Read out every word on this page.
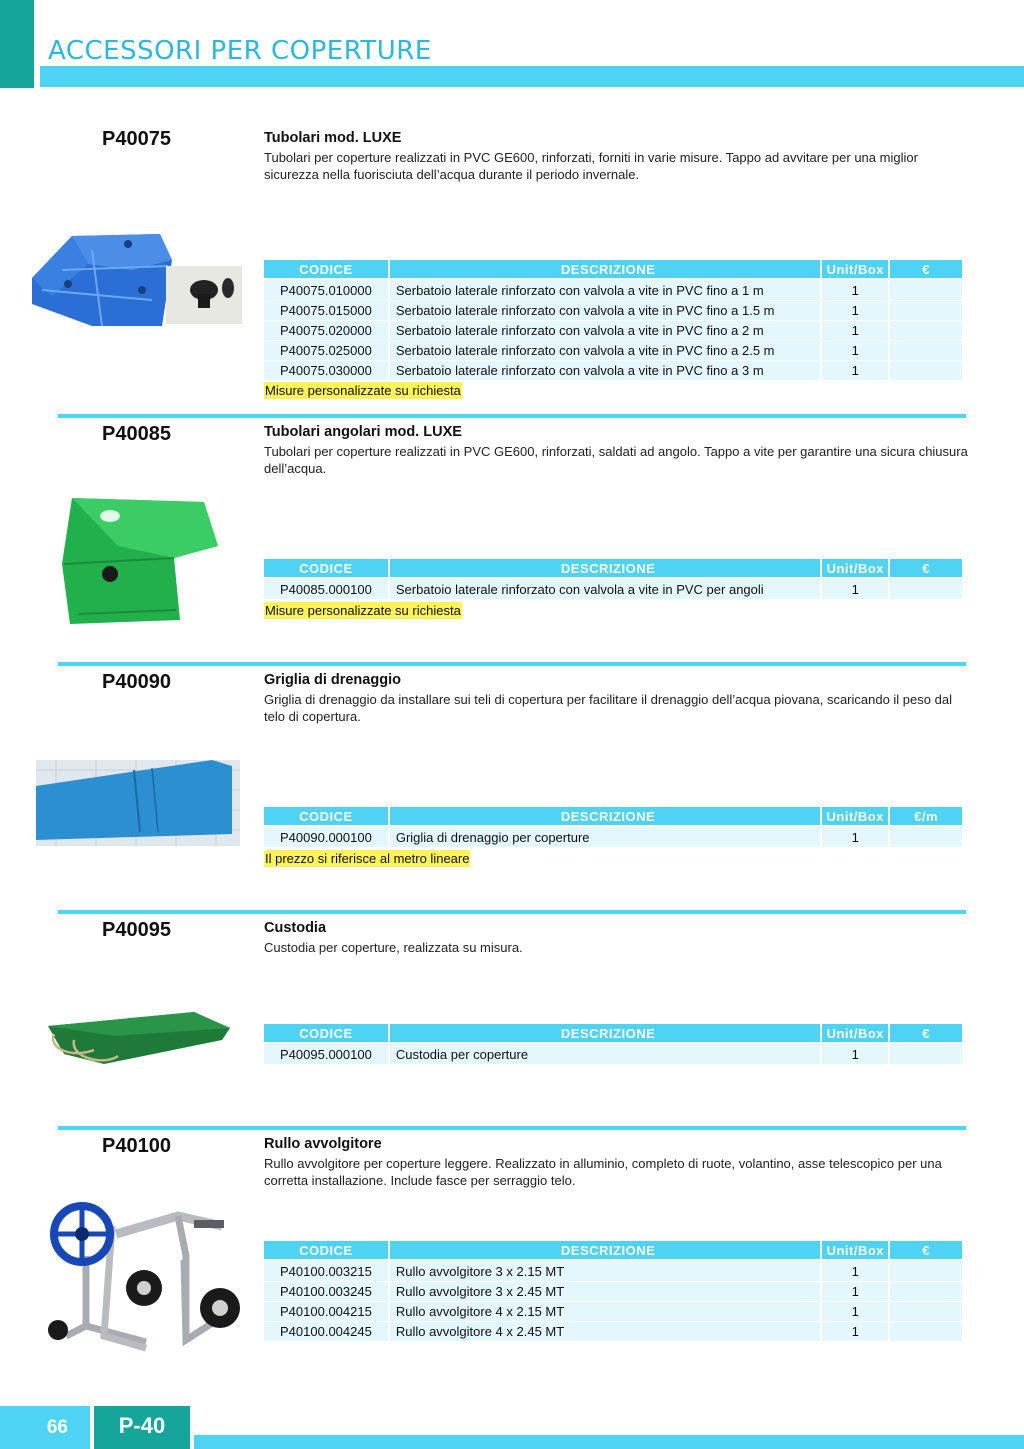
ACCESSORI PER COPERTURE
P40075	Tubolari mod. LUXE
Tubolari per coperture realizzati in PVC GE600, rinforzati, forniti in varie misure. Tappo ad avvitare per una miglior sicurezza nella fuorisciuta dell’acqua durante il periodo invernale.
CODICE	DESCRIZIONE	Unit/Box	€
P40075.010000	Serbatoio laterale rinforzato con valvola a vite in PVC fino a 1 m	1	
P40075.015000	Serbatoio laterale rinforzato con valvola a vite in PVC fino a 1.5 m	1	
P40075.020000	Serbatoio laterale rinforzato con valvola a vite in PVC fino a 2 m	1	
P40075.025000	Serbatoio laterale rinforzato con valvola a vite in PVC fino a 2.5 m	1	
P40075.030000	Serbatoio laterale rinforzato con valvola a vite in PVC fino a 3 m	1	
Misure personalizzate su richiesta
P40085	Tubolari angolari mod. LUXE
Tubolari per coperture realizzati in PVC GE600, rinforzati, saldati ad angolo. Tappo a vite per garantire una sicura chiusura dell’acqua.
CODICE	DESCRIZIONE	Unit/Box	€
P40085.000100	Serbatoio laterale rinforzato con valvola a vite in PVC per angoli	1	
Misure personalizzate su richiesta
P40090	Griglia di drenaggio
Griglia di drenaggio da installare sui teli di copertura per facilitare il drenaggio dell’acqua piovana, scaricando il peso dal telo di copertura.
CODICE	DESCRIZIONE	Unit/Box	€/m
P40090.000100	Griglia di drenaggio per coperture	1	
Il prezzo si riferisce al metro lineare
P40095	Custodia
Custodia per coperture, realizzata su misura.
CODICE	DESCRIZIONE	Unit/Box	€
P40095.000100	Custodia per coperture	1	
P40100	Rullo avvolgitore
Rullo avvolgitore per coperture leggere. Realizzato in alluminio, completo di ruote, volantino, asse telescopico per una corretta installazione. Include fasce per serraggio telo.
CODICE	DESCRIZIONE	Unit/Box	€
P40100.003215	Rullo avvolgitore 3 x 2.15 MT	1	
P40100.003245	Rullo avvolgitore 3 x 2.45 MT	1	
P40100.004215	Rullo avvolgitore 4 x 2.15 MT	1	
P40100.004245	Rullo avvolgitore 4 x 2.45 MT	1	
66	P-40
